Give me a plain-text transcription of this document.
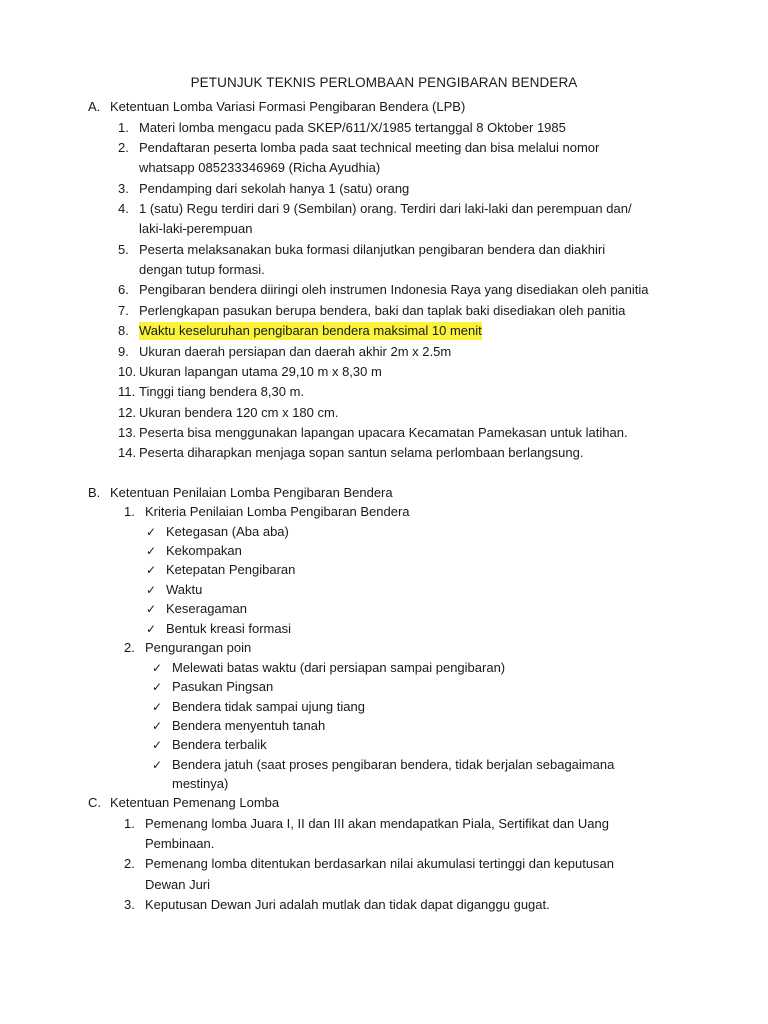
PETUNJUK TEKNIS PERLOMBAAN PENGIBARAN BENDERA
A. Ketentuan Lomba Variasi Formasi Pengibaran Bendera (LPB)
1. Materi lomba mengacu pada SKEP/611/X/1985 tertanggal 8 Oktober 1985
2. Pendaftaran peserta lomba pada saat technical meeting dan bisa melalui nomor
whatsapp 085233346969 (Richa Ayudhia)
3. Pendamping dari sekolah hanya 1 (satu) orang
4. 1 (satu) Regu terdiri dari 9 (Sembilan) orang. Terdiri dari laki-laki dan perempuan dan/
laki-laki-perempuan
5. Peserta melaksanakan buka formasi dilanjutkan pengibaran bendera dan diakhiri
dengan tutup formasi.
6. Pengibaran bendera diiringi oleh instrumen Indonesia Raya yang disediakan oleh panitia
7. Perlengkapan pasukan berupa bendera, baki dan taplak baki disediakan oleh panitia
8. Waktu keseluruhan pengibaran bendera maksimal 10 menit
9. Ukuran daerah persiapan dan daerah akhir 2m x 2.5m
10. Ukuran lapangan utama 29,10 m x 8,30 m
11. Tinggi tiang bendera 8,30 m.
12. Ukuran bendera 120 cm x 180 cm.
13. Peserta bisa menggunakan lapangan upacara Kecamatan Pamekasan untuk latihan.
14. Peserta diharapkan menjaga sopan santun selama perlombaan berlangsung.
B. Ketentuan Penilaian Lomba Pengibaran Bendera
1. Kriteria Penilaian Lomba Pengibaran Bendera
✓ Ketegasan (Aba aba)
✓ Kekompakan
✓ Ketepatan Pengibaran
✓ Waktu
✓ Keseragaman
✓ Bentuk kreasi formasi
2. Pengurangan poin
✓ Melewati batas waktu (dari persiapan sampai pengibaran)
✓ Pasukan Pingsan
✓ Bendera tidak sampai ujung tiang
✓ Bendera menyentuh tanah
✓ Bendera terbalik
✓ Bendera jatuh (saat proses pengibaran bendera, tidak berjalan sebagaimana
mestinya)
C. Ketentuan Pemenang Lomba
1. Pemenang lomba Juara I, II dan III akan mendapatkan Piala, Sertifikat dan Uang
Pembinaan.
2. Pemenang lomba ditentukan berdasarkan nilai akumulasi tertinggi dan keputusan
Dewan Juri
3. Keputusan Dewan Juri adalah mutlak dan tidak dapat diganggu gugat.
